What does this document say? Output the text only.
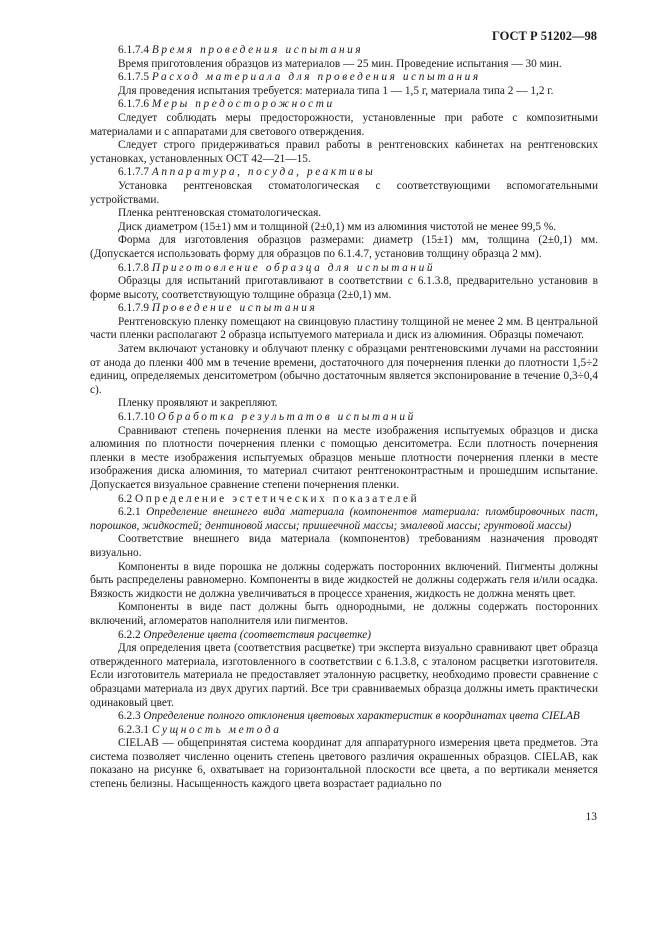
ГОСТ Р 51202—98

6.1.7.4 Время проведения испытания

Время приготовления образцов из материалов — 25 мин. Проведение испытания — 30 мин.

6.1.7.5 Расход материала для проведения испытания

Для проведения испытания требуется: материала типа 1 — 1,5 г, материала типа 2 — 1,2 г.

6.1.7.6 Меры предосторожности

Следует соблюдать меры предосторожности, установленные при работе с композитными материалами и с аппаратами для светового отверждения.

Следует строго придерживаться правил работы в рентгеновских кабинетах на рентгеновских установках, установленных ОСТ 42—21—15.

6.1.7.7 Аппаратура, посуда, реактивы

Установка рентгеновская стоматологическая с соответствующими вспомогательными устройствами.

Пленка рентгеновская стоматологическая.

Диск диаметром (15±1) мм и толщиной (2±0,1) мм из алюминия чистотой не менее 99,5 %.

Форма для изготовления образцов размерами: диаметр (15±1) мм, толщина (2±0,1) мм. (Допускается использовать форму для образцов по 6.1.4.7, установив толщину образца 2 мм).

6.1.7.8 Приготовление образца для испытаний

Образцы для испытаний приготавливают в соответствии с 6.1.3.8, предварительно установив в форме высоту, соответствующую толщине образца (2±0,1) мм.

6.1.7.9 Проведение испытания

Рентгеновскую пленку помещают на свинцовую пластину толщиной не менее 2 мм. В центральной части пленки располагают 2 образца испытуемого материала и диск из алюминия. Образцы помечают.

Затем включают установку и облучают пленку с образцами рентгеновскими лучами на расстоянии от анода до пленки 400 мм в течение времени, достаточного для почернения пленки до плотности 1,5÷2 единиц, определяемых денситометром (обычно достаточным является экспонирование в течение 0,3÷0,4 с).

Пленку проявляют и закрепляют.

6.1.7.10 Обработка результатов испытаний

Сравнивают степень почернения пленки на месте изображения испытуемых образцов и диска алюминия по плотности почернения пленки с помощью денситометра. Если плотность почернения пленки в месте изображения испытуемых образцов меньше плотности почернения пленки в месте изображения диска алюминия, то материал считают рентгеноконтрастным и прошедшим испытание. Допускается визуальное сравнение степени почернения пленки.

6.2 Определение эстетических показателей

6.2.1 Определение внешнего вида материала (компонентов материала: пломбировочных паст, порошков, жидкостей; дентиновой массы; пришеечной массы; эмалевой массы; грунтовой массы)

Соответствие внешнего вида материала (компонентов) требованиям назначения проводят визуально.

Компоненты в виде порошка не должны содержать посторонних включений. Пигменты должны быть распределены равномерно. Компоненты в виде жидкостей не должны содержать геля и/или осадка. Вязкость жидкости не должна увеличиваться в процессе хранения, жидкость не должна менять цвет.

Компоненты в виде паст должны быть однородными, не должны содержать посторонних включений, агломератов наполнителя или пигментов.

6.2.2 Определение цвета (соответствия расцветке)

Для определения цвета (соответствия расцветке) три эксперта визуально сравнивают цвет образца отвержденного материала, изготовленного в соответствии с 6.1.3.8, с эталоном расцветки изготовителя. Если изготовитель материала не предоставляет эталонную расцветку, необходимо провести сравнение с образцами материала из двух других партий. Все три сравниваемых образца должны иметь практически одинаковый цвет.

6.2.3 Определение полного отклонения цветовых характеристик в координатах цвета CIELAB

6.2.3.1 Сущность метода

CIELAB — общепринятая система координат для аппаратурного измерения цвета предметов. Эта система позволяет численно оценить степень цветового различия окрашенных образцов. CIELAB, как показано на рисунке 6, охватывает на горизонтальной плоскости все цвета, а по вертикали меняется степень белизны. Насыщенность каждого цвета возрастает радиально по

13
